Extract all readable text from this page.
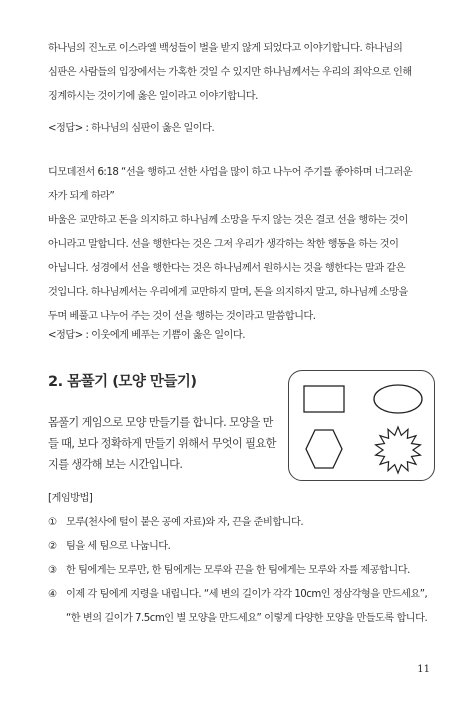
하나님의 진노로 이스라엘 백성들이 벌을 받지 않게 되었다고 이야기합니다. 하나님의 심판은 사람들의 입장에서는 가혹한 것일 수 있지만 하나님께서는 우리의 죄악으로 인해 징계하시는 것이기에 옳은 일이라고 이야기합니다.

<정답> : 하나님의 심판이 옳은 일이다.

디모데전서 6:18 “선을 행하고 선한 사업을 많이 하고 나누어 주기를 좋아하며 너그러운 자가 되게 하라”

바울은 교만하고 돈을 의지하고 하나님께 소망을 두지 않는 것은 결코 선을 행하는 것이 아니라고 말합니다. 선을 행한다는 것은 그저 우리가 생각하는 착한 행동을 하는 것이 아닙니다. 성경에서 선을 행한다는 것은 하나님께서 원하시는 것을 행한다는 말과 같은 것입니다. 하나님께서는 우리에게 교만하지 말며, 돈을 의지하지 말고, 하나님께 소망을 두며 베풀고 나누어 주는 것이 선을 행하는 것이라고 말씀합니다.

<정답> : 이웃에게 베푸는 기쁨이 옳은 일이다.

2. 몸풀기 (모양 만들기)

몸풀기 게임으로 모양 만들기를 합니다. 모양을 만들 때, 보다 정확하게 만들기 위해서 무엇이 필요한지를 생각해 보는 시간입니다.

[게임방법]

① 모루(천사에 털이 붙은 공예 자료)와 자, 끈을 준비합니다.
② 팀을 세 팀으로 나눕니다.
③ 한 팀에게는 모루만, 한 팀에게는 모루와 끈을 한 팀에게는 모루와 자를 제공합니다.
④ 이제 각 팀에게 지령을 내립니다. “세 변의 길이가 각각 10cm인 정삼각형을 만드세요”, “한 변의 길이가 7.5cm인 별 모양을 만드세요” 이렇게 다양한 모양을 만들도록 합니다.
11
